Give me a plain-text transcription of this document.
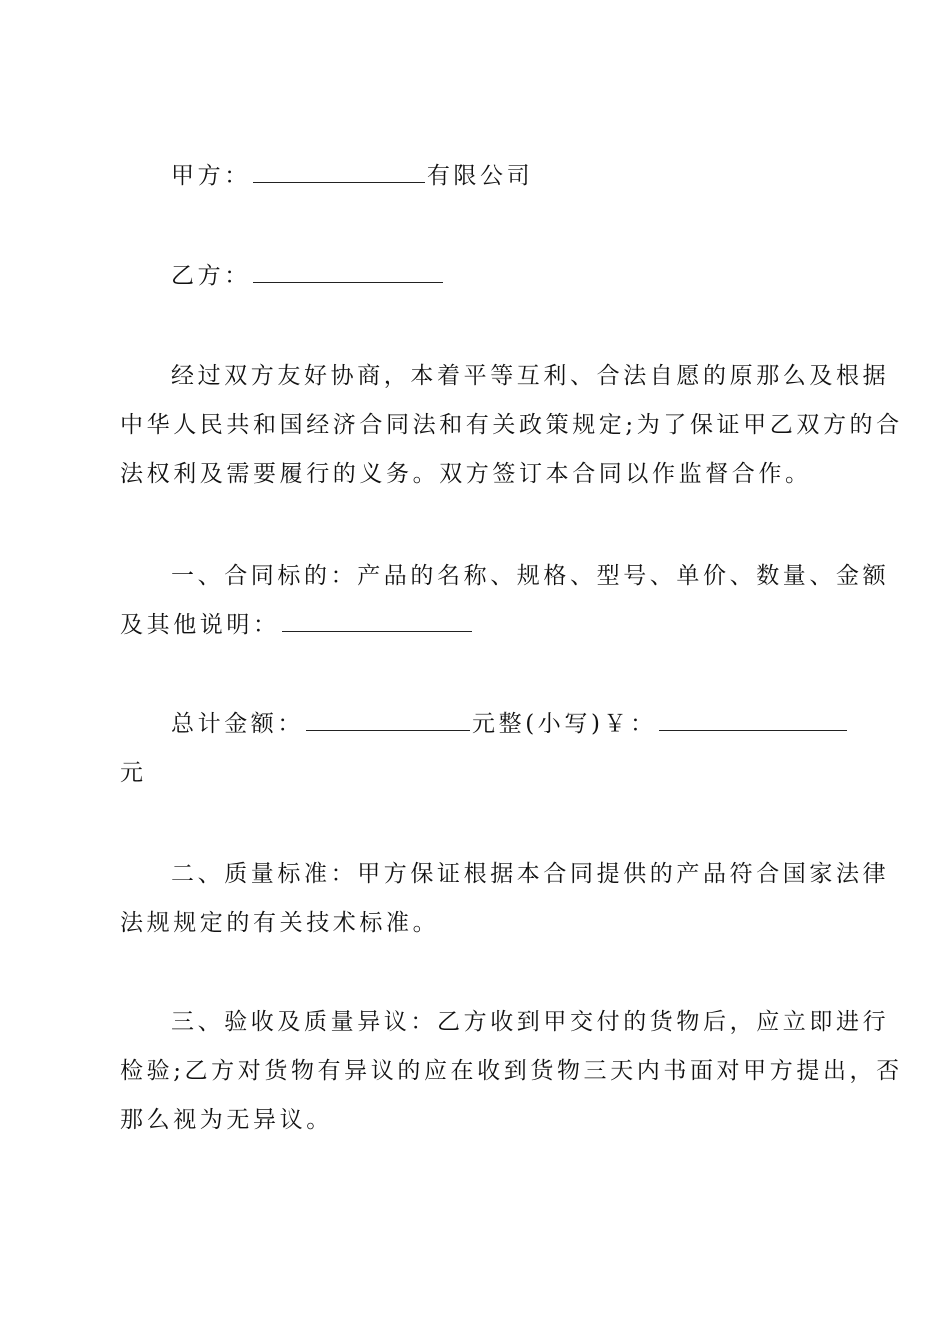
甲方：	有限公司

乙方：

经过双方友好协商，本着平等互利、合法自愿的原那么及根据
中华人民共和国经济合同法和有关政策规定;为了保证甲乙双方的合
法权利及需要履行的义务。双方签订本合同以作监督合作。
一、合同标的：产品的名称、规格、型号、单价、数量、金额
及其他说明：
总计金额：	元整(小写)￥：
元
二、质量标准：甲方保证根据本合同提供的产品符合国家法律
法规规定的有关技术标准。
三、验收及质量异议：乙方收到甲交付的货物后，应立即进行
检验;乙方对货物有异议的应在收到货物三天内书面对甲方提出，否
那么视为无异议。
